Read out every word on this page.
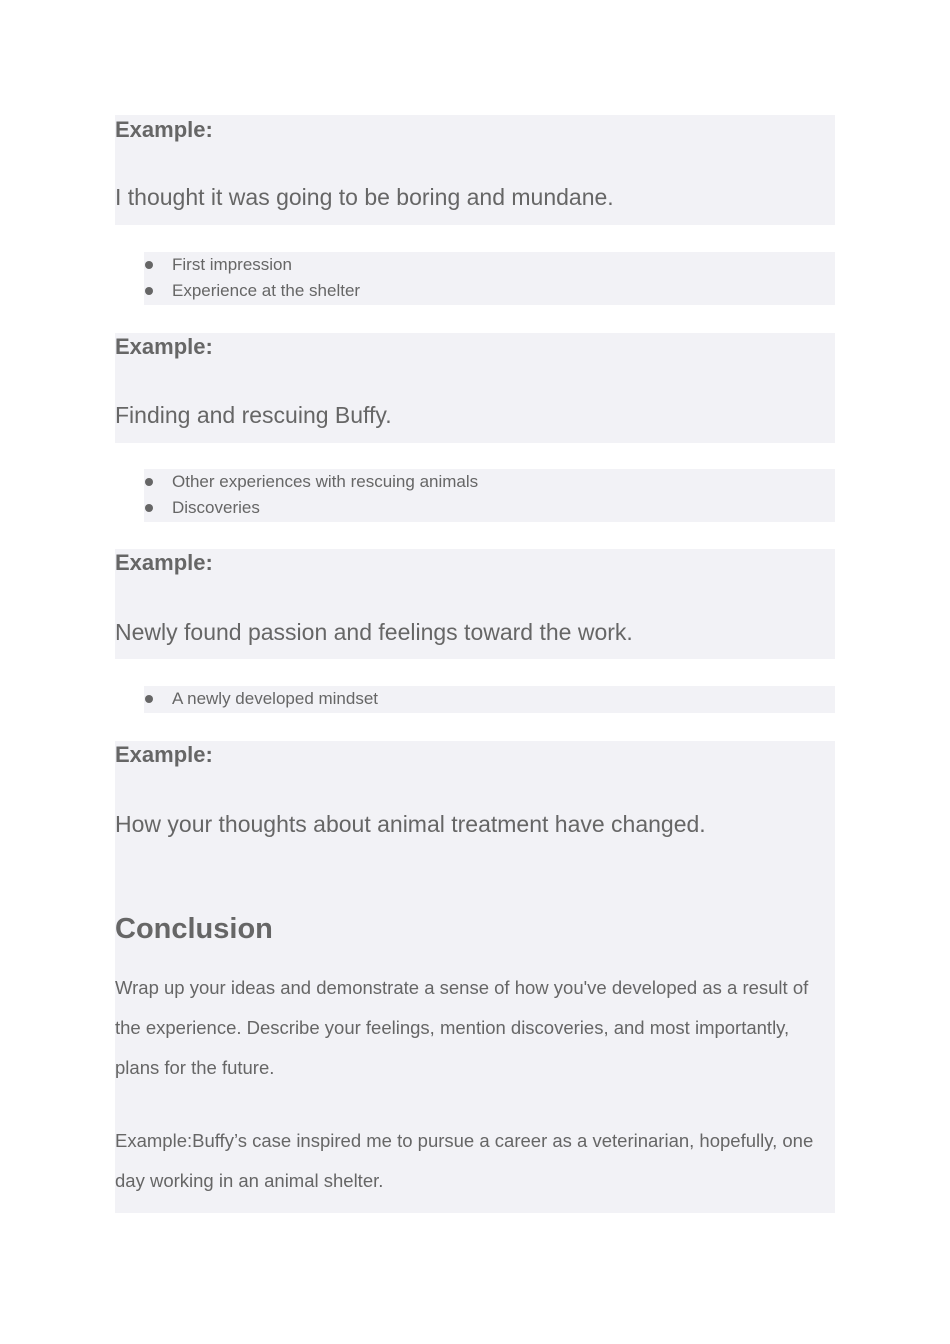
Example:
I thought it was going to be boring and mundane.
First impression
Experience at the shelter
Example:
Finding and rescuing Buffy.
Other experiences with rescuing animals
Discoveries
Example:
Newly found passion and feelings toward the work.
A newly developed mindset
Example:
How your thoughts about animal treatment have changed.
Conclusion
Wrap up your ideas and demonstrate a sense of how you've developed as a result of the experience. Describe your feelings, mention discoveries, and most importantly, plans for the future.
Example:Buffy’s case inspired me to pursue a career as a veterinarian, hopefully, one day working in an animal shelter.
